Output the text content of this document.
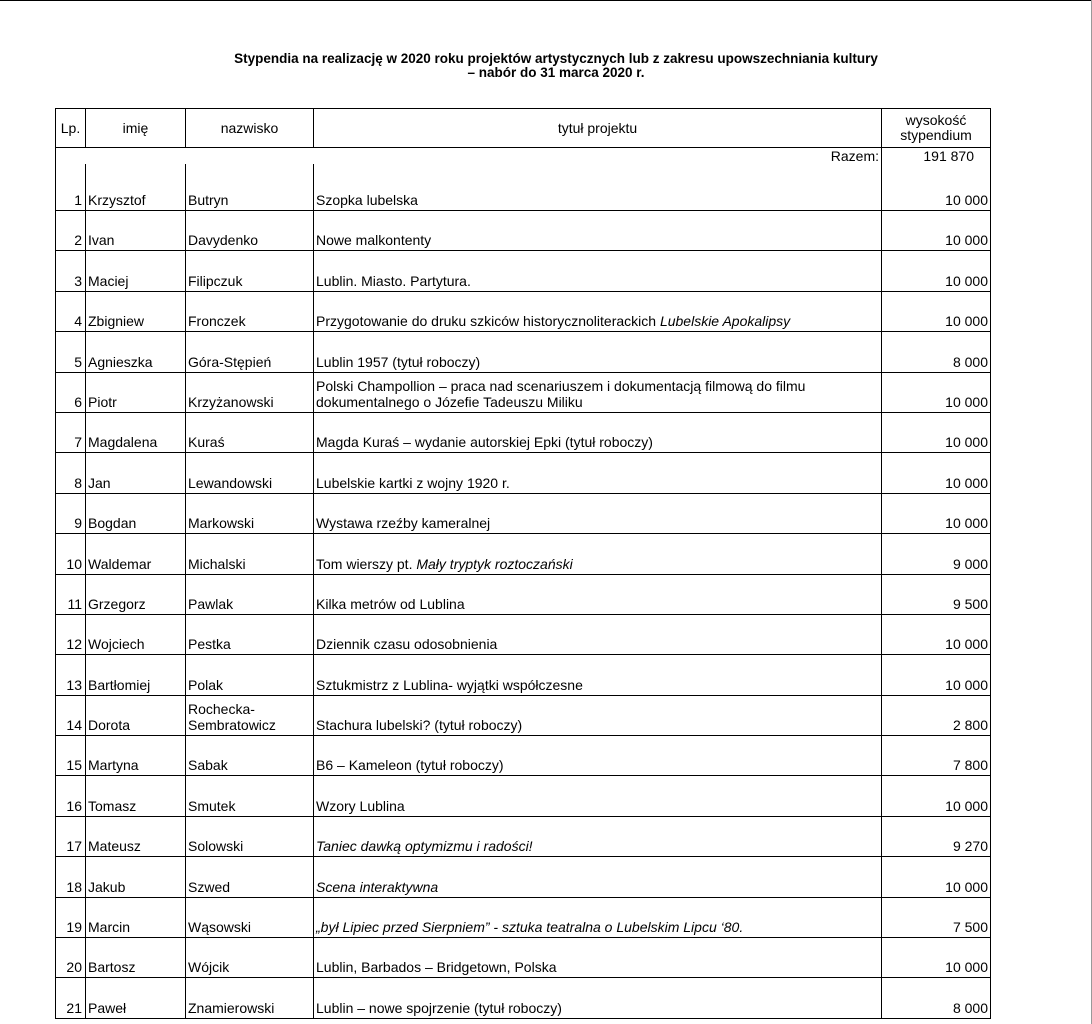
Stypendia na realizację w 2020 roku projektów artystycznych lub z zakresu upowszechniania kultury
– nabór do 31 marca 2020 r.
Lp.	imię	nazwisko	tytuł projektu	wysokość
stypendium

Razem:				191 870
1	Krzysztof	Butryn	Szopka lubelska	10 000
2	Ivan	Davydenko	Nowe malkontenty	10 000
3	Maciej	Filipczuk	Lublin. Miasto. Partytura.	10 000
4	Zbigniew	Fronczek	Przygotowanie do druku szkiców historycznoliterackich Lubelskie Apokalipsy	10 000
5	Agnieszka	Góra-Stępień	Lublin 1957 (tytuł roboczy)	8 000
6	Piotr	Krzyżanowski	Polski Champollion – praca nad scenariuszem i dokumentacją filmową do filmu
dokumentalnego o Józefie Tadeuszu Miliku	10 000
7	Magdalena	Kuraś	Magda Kuraś – wydanie autorskiej Epki (tytuł roboczy)	10 000
8	Jan	Lewandowski	Lubelskie kartki z wojny 1920 r.	10 000
9	Bogdan	Markowski	Wystawa rzeźby kameralnej	10 000
10	Waldemar	Michalski	Tom wierszy pt. Mały tryptyk roztoczański	9 000
11	Grzegorz	Pawlak	Kilka metrów od Lublina	9 500
12	Wojciech	Pestka	Dziennik czasu odosobnienia	10 000
13	Bartłomiej	Polak	Sztukmistrz z Lublina- wyjątki współczesne	10 000
14	Dorota	Rochecka-
Sembratowicz	Stachura lubelski? (tytuł roboczy)	2 800
15	Martyna	Sabak	B6 – Kameleon (tytuł roboczy)	7 800
16	Tomasz	Smutek	Wzory Lublina	10 000
17	Mateusz	Solowski	Taniec dawką optymizmu i radości!	9 270
18	Jakub	Szwed	Scena interaktywna	10 000
19	Marcin	Wąsowski	„był Lipiec przed Sierpniem” - sztuka teatralna o Lubelskim Lipcu ‘80.	7 500
20	Bartosz	Wójcik	Lublin, Barbados – Bridgetown, Polska	10 000
21	Paweł	Znamierowski	Lublin – nowe spojrzenie (tytuł roboczy)	8 000
